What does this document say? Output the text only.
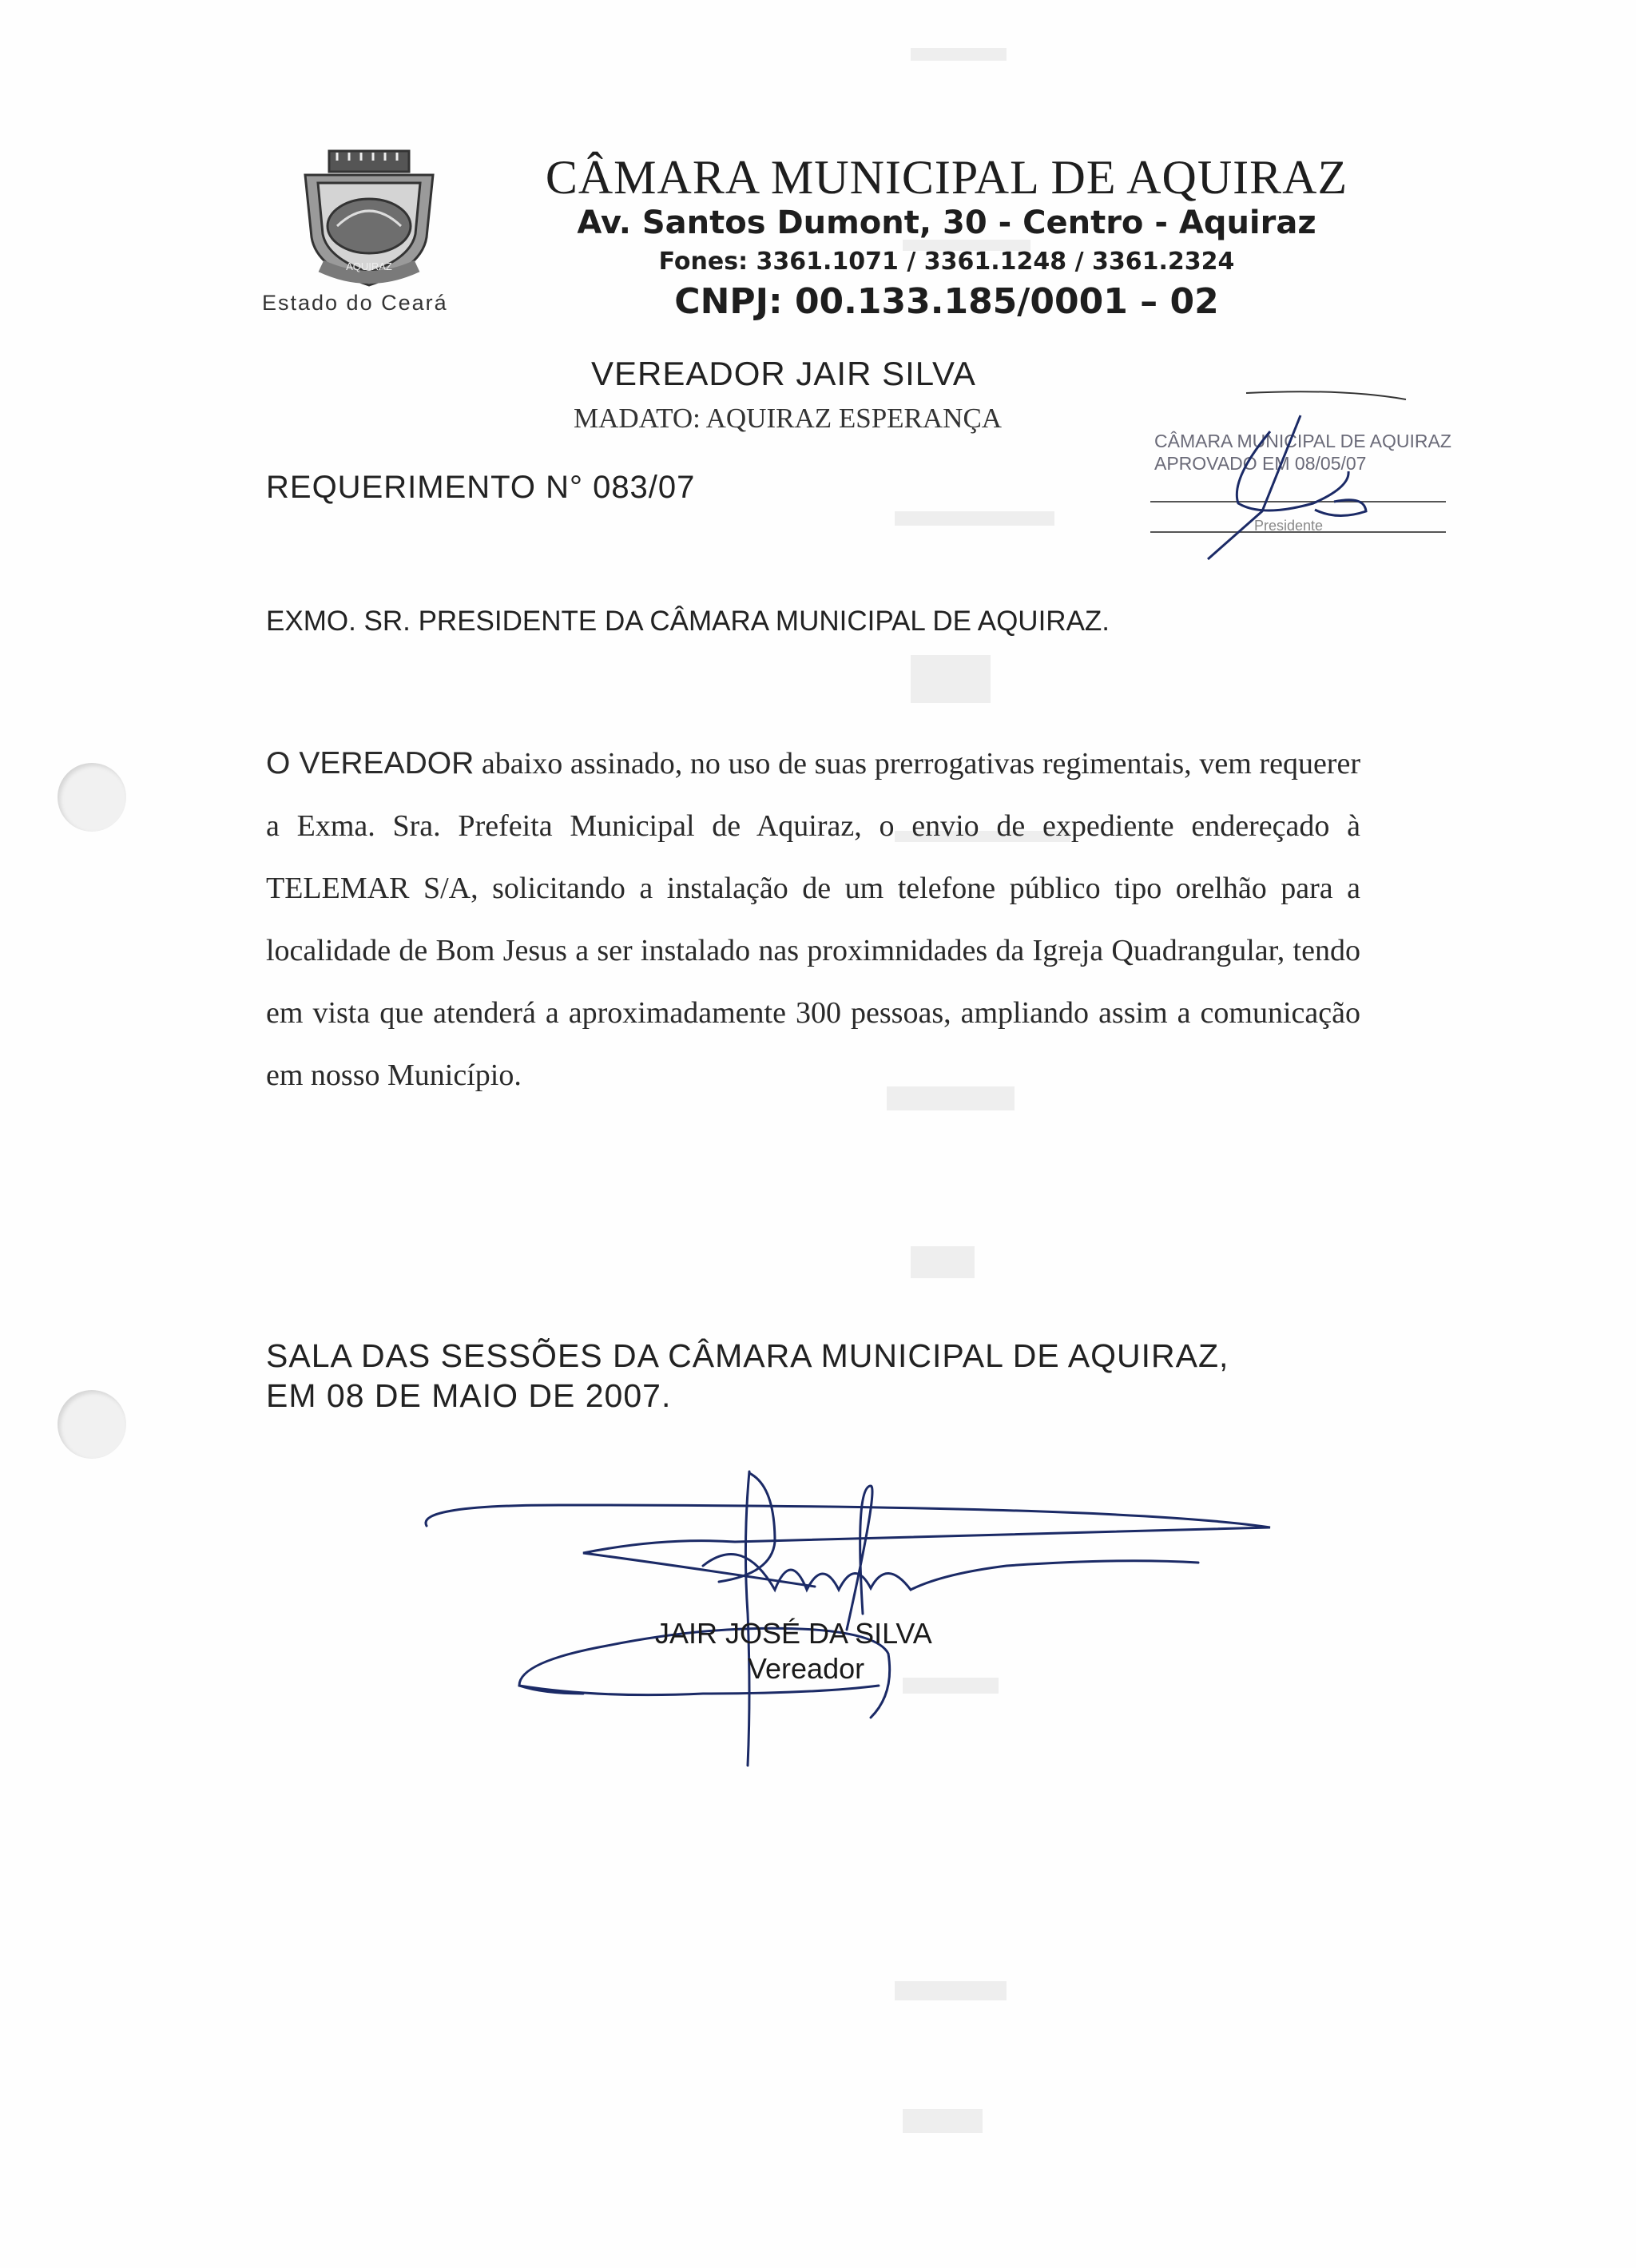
AQUIRAZ
Estado do Ceará
CÂMARA MUNICIPAL DE AQUIRAZ
Av. Santos Dumont, 30 - Centro - Aquiraz
Fones: 3361.1071 / 3361.1248 / 3361.2324
CNPJ: 00.133.185/0001 – 02
VEREADOR JAIR SILVA
MADATO: AQUIRAZ ESPERANÇA
REQUERIMENTO N° 083/07
CÂMARA MUNICIPAL DE AQUIRAZ
APROVADO EM 08/05/07
Presidente
EXMO. SR. PRESIDENTE DA CÂMARA MUNICIPAL DE AQUIRAZ.

O VEREADOR abaixo assinado, no uso de suas prerrogativas regimentais, vem requerer a Exma. Sra. Prefeita Municipal de Aquiraz, o envio de expediente endereçado à TELEMAR S/A, solicitando a instalação de um telefone público tipo orelhão para a localidade de Bom Jesus a ser instalado nas proximnidades da Igreja Quadrangular, tendo em vista que atenderá a aproximadamente 300 pessoas, ampliando assim a comunicação em nosso Município.

SALA DAS SESSÕES DA CÂMARA MUNICIPAL DE AQUIRAZ,
EM 08 DE MAIO DE 2007.
JAIR JOSÉ DA SILVA
Vereador
